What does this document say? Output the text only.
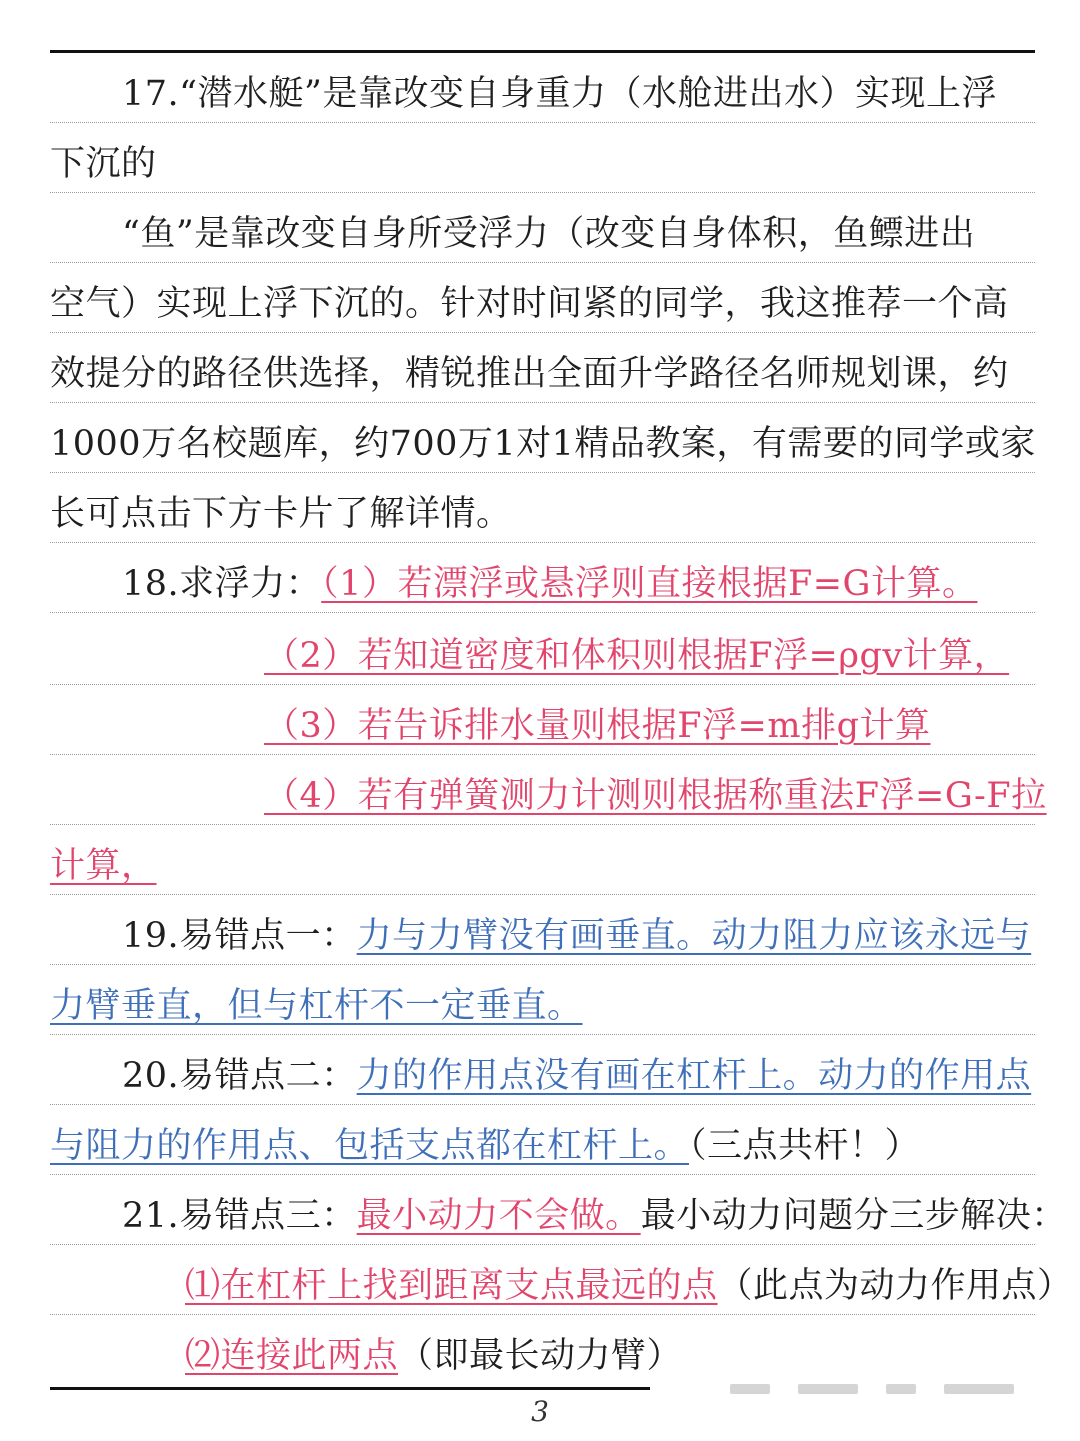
17.“潜水艇”是靠改变自身重力（水舱进出水）实现上浮
下沉的
“鱼”是靠改变自身所受浮力（改变自身体积，鱼鳔进出
空气）实现上浮下沉的。针对时间紧的同学，我这推荐一个高
效提分的路径供选择，精锐推出全面升学路径名师规划课，约
1000万名校题库，约700万1对1精品教案，有需要的同学或家
长可点击下方卡片了解详情。
18.求浮力：（1）若漂浮或悬浮则直接根据F=G计算。
（2）若知道密度和体积则根据F浮=ρgv计算，
（3）若告诉排水量则根据F浮=m排g计算
（4）若有弹簧测力计测则根据称重法F浮=G-F拉
计算，
19.易错点一：力与力臂没有画垂直。动力阻力应该永远与
力臂垂直，但与杠杆不一定垂直。
20.易错点二：力的作用点没有画在杠杆上。动力的作用点
与阻力的作用点、包括支点都在杠杆上。（三点共杆！）
21.易错点三：最小动力不会做。最小动力问题分三步解决：
⑴在杠杆上找到距离支点最远的点（此点为动力作用点）
⑵连接此两点（即最长动力臂）
3
